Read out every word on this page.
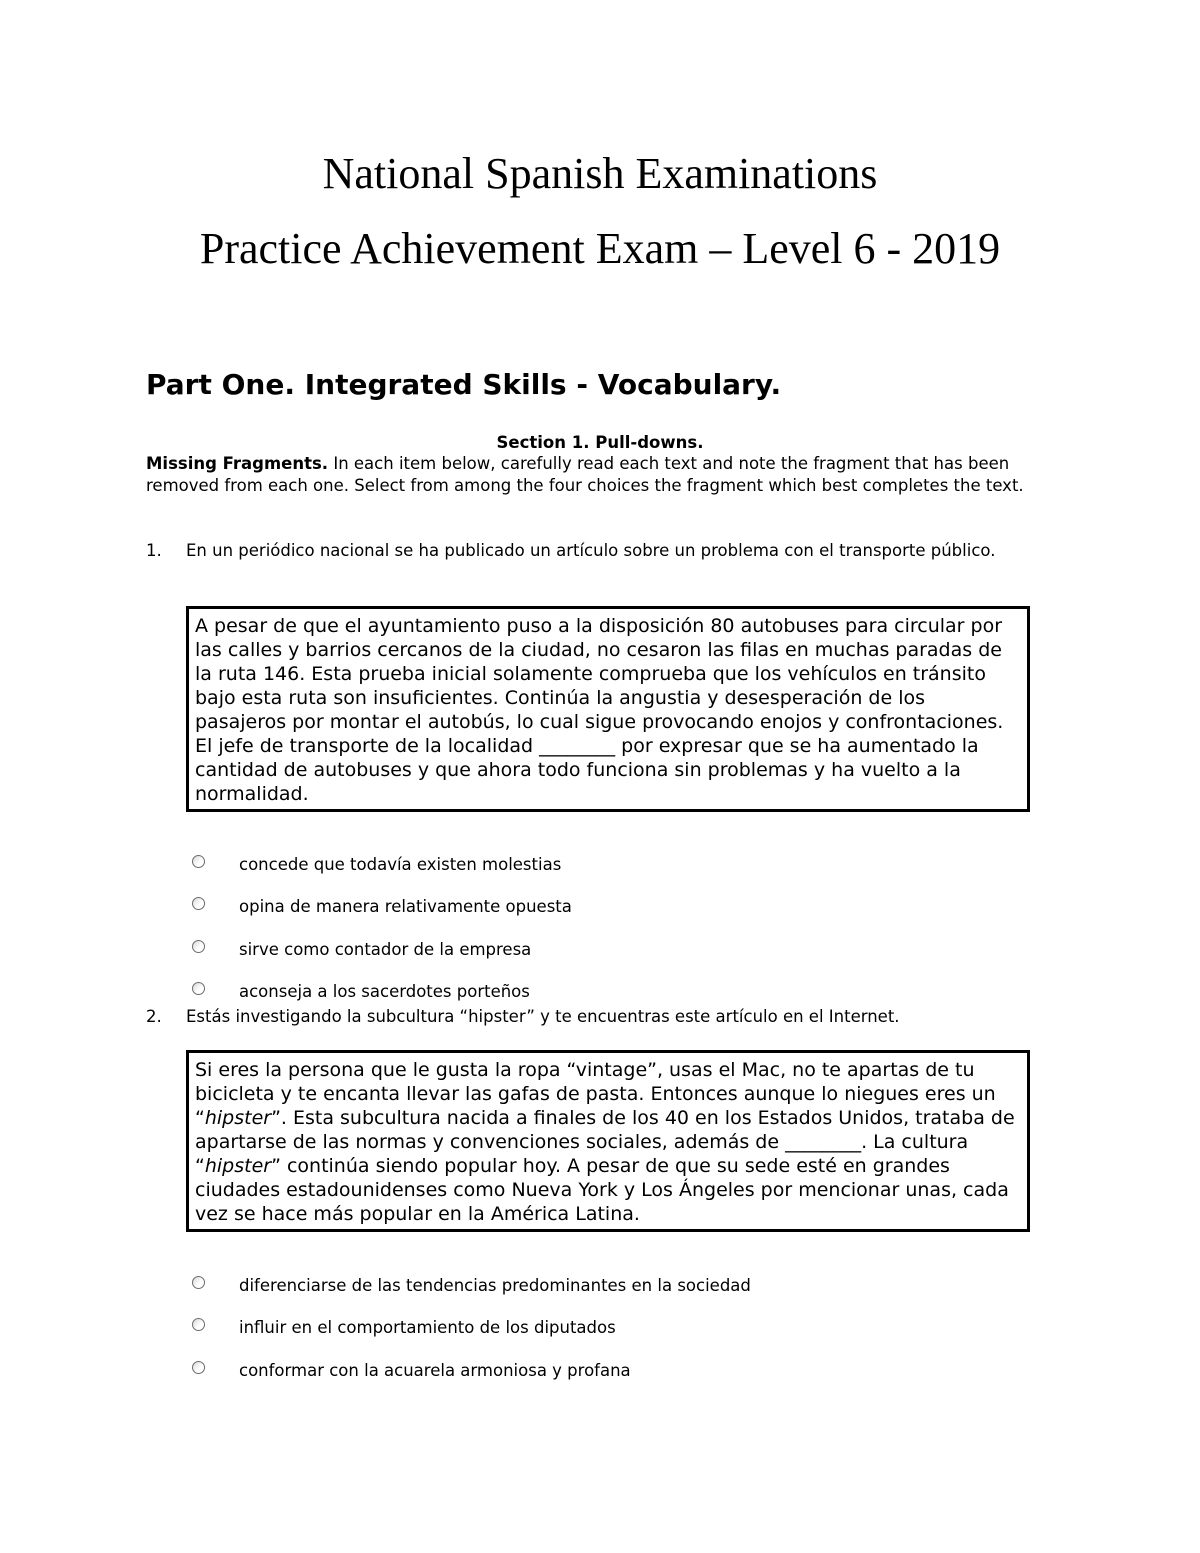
National Spanish Examinations
Practice Achievement Exam – Level 6 - 2019
Part One. Integrated Skills - Vocabulary.
Section 1. Pull-downs.

Missing Fragments. In each item below, carefully read each text and note the fragment that has been removed from each one. Select from among the four choices the fragment which best completes the text.

1. En un periódico nacional se ha publicado un artículo sobre un problema con el transporte público.
A pesar de que el ayuntamiento puso a la disposición 80 autobuses para circular por las calles y barrios cercanos de la ciudad, no cesaron las filas en muchas paradas de la ruta 146. Esta prueba inicial solamente comprueba que los vehículos en tránsito bajo esta ruta son insuficientes. Continúa la angustia y desesperación de los pasajeros por montar el autobús, lo cual sigue provocando enojos y confrontaciones. El jefe de transporte de la localidad ________ por expresar que se ha aumentado la cantidad de autobuses y que ahora todo funciona sin problemas y ha vuelto a la normalidad.
concede que todavía existen molestias
opina de manera relativamente opuesta
sirve como contador de la empresa
aconseja a los sacerdotes porteños
2. Estás investigando la subcultura “hipster” y te encuentras este artículo en el Internet.
Si eres la persona que le gusta la ropa “vintage”, usas el Mac, no te apartas de tu bicicleta y te encanta llevar las gafas de pasta. Entonces aunque lo niegues eres un “hipster”. Esta subcultura nacida a finales de los 40 en los Estados Unidos, trataba de apartarse de las normas y convenciones sociales, además de ________. La cultura “hipster” continúa siendo popular hoy. A pesar de que su sede esté en grandes ciudades estadounidenses como Nueva York y Los Ángeles por mencionar unas, cada vez se hace más popular en la América Latina.
diferenciarse de las tendencias predominantes en la sociedad
influir en el comportamiento de los diputados
conformar con la acuarela armoniosa y profana
